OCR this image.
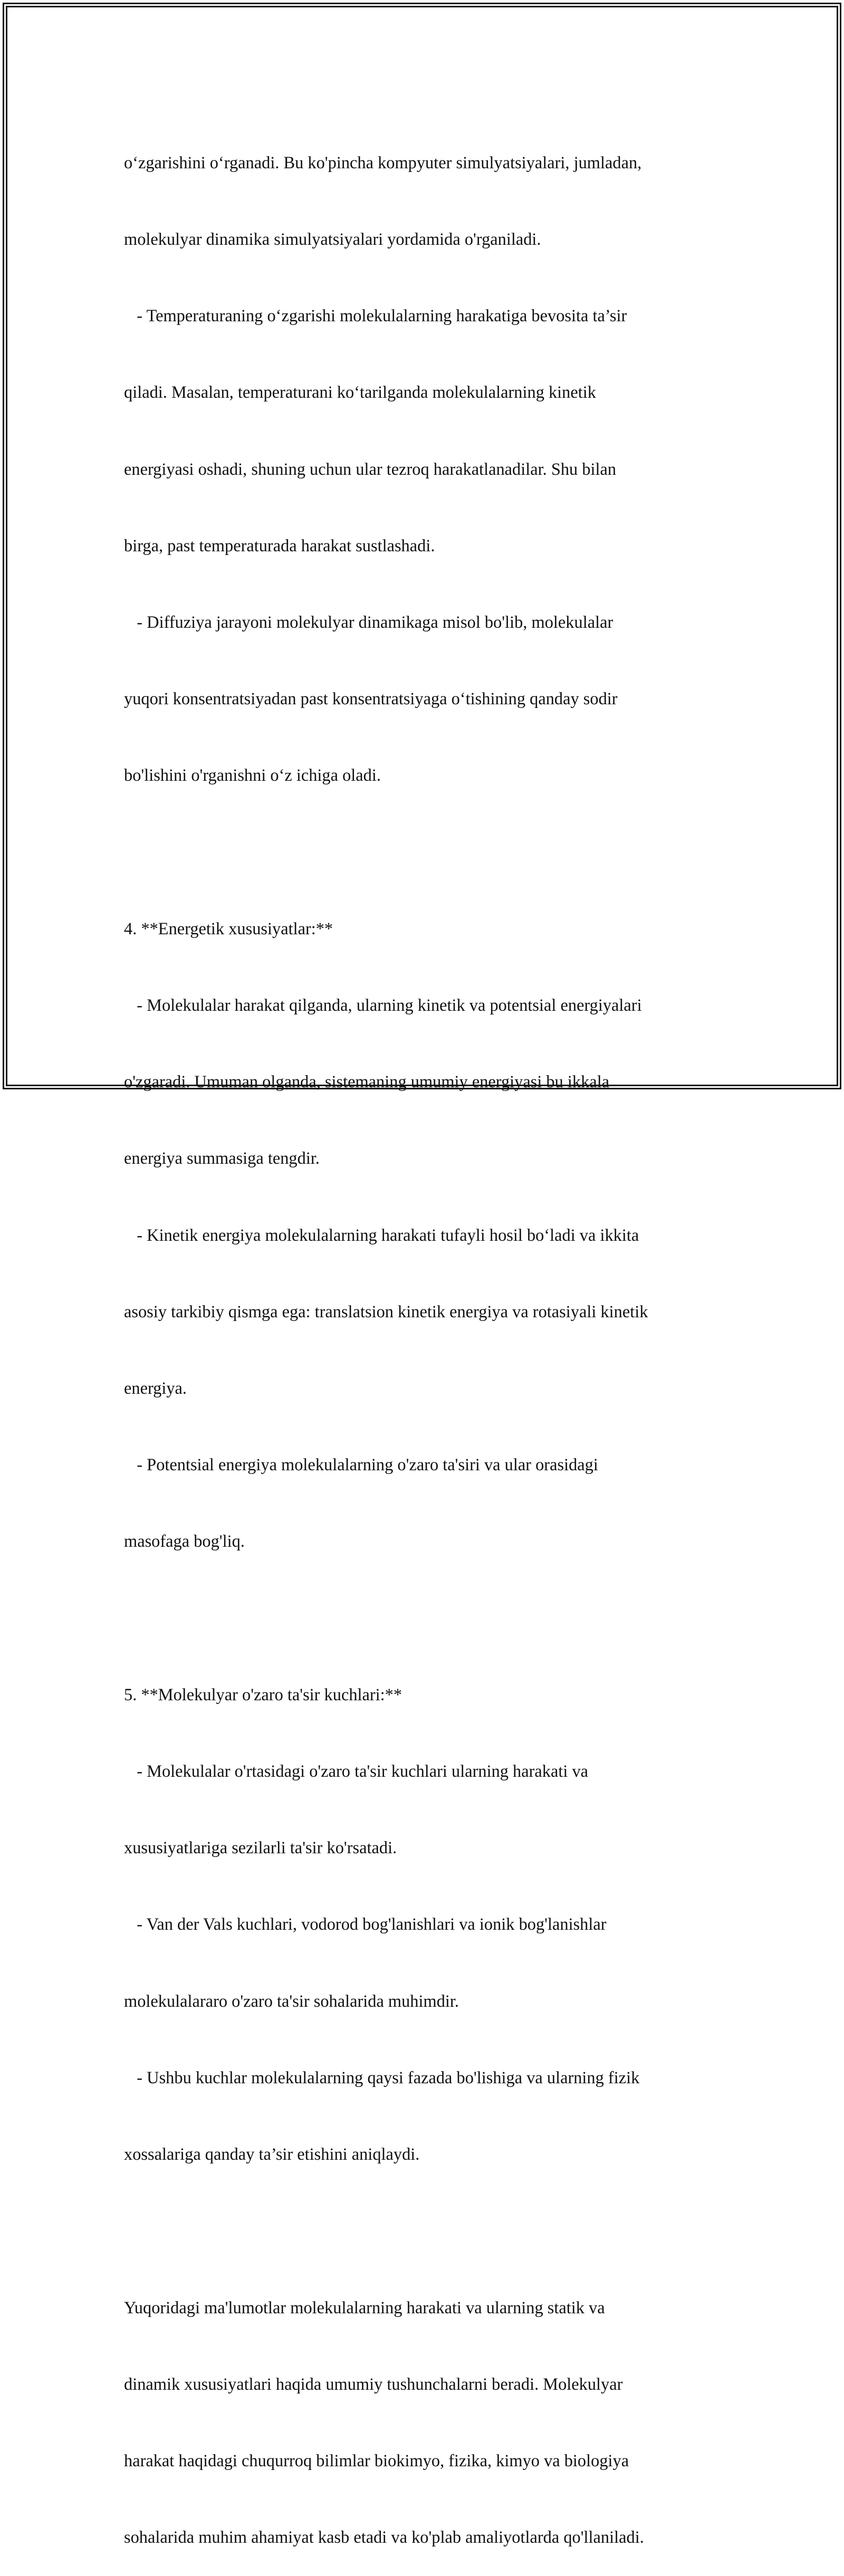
o‘zgarishini o‘rganadi. Bu ko'pincha kompyuter simulyatsiyalari, jumladan,

molekulyar dinamika simulyatsiyalari yordamida o'rganiladi.

- Temperaturaning o‘zgarishi molekulalarning harakatiga bevosita ta’sir

qiladi. Masalan, temperaturani ko‘tarilganda molekulalarning kinetik

energiyasi oshadi, shuning uchun ular tezroq harakatlanadilar. Shu bilan

birga, past temperaturada harakat sustlashadi.

- Diffuziya jarayoni molekulyar dinamikaga misol bo'lib, molekulalar

yuqori konsentratsiyadan past konsentratsiyaga o‘tishining qanday sodir

bo'lishini o'rganishni o‘z ichiga oladi.

4. **Energetik xususiyatlar:**

- Molekulalar harakat qilganda, ularning kinetik va potentsial energiyalari

o'zgaradi. Umuman olganda, sistemaning umumiy energiyasi bu ikkala

energiya summasiga tengdir.

- Kinetik energiya molekulalarning harakati tufayli hosil bo‘ladi va ikkita

asosiy tarkibiy qismga ega: translatsion kinetik energiya va rotasiyali kinetik

energiya.

- Potentsial energiya molekulalarning o'zaro ta'siri va ular orasidagi

masofaga bog'liq.

5. **Molekulyar o'zaro ta'sir kuchlari:**

- Molekulalar o'rtasidagi o'zaro ta'sir kuchlari ularning harakati va

xususiyatlariga sezilarli ta'sir ko'rsatadi.

- Van der Vals kuchlari, vodorod bog'lanishlari va ionik bog'lanishlar

molekulalararo o'zaro ta'sir sohalarida muhimdir.

- Ushbu kuchlar molekulalarning qaysi fazada bo'lishiga va ularning fizik

xossalariga qanday ta’sir etishini aniqlaydi.

Yuqoridagi ma'lumotlar molekulalarning harakati va ularning statik va

dinamik xususiyatlari haqida umumiy tushunchalarni beradi. Molekulyar

harakat haqidagi chuqurroq bilimlar biokimyo, fizika, kimyo va biologiya

sohalarida muhim ahamiyat kasb etadi va ko'plab amaliyotlarda qo'llaniladi.
